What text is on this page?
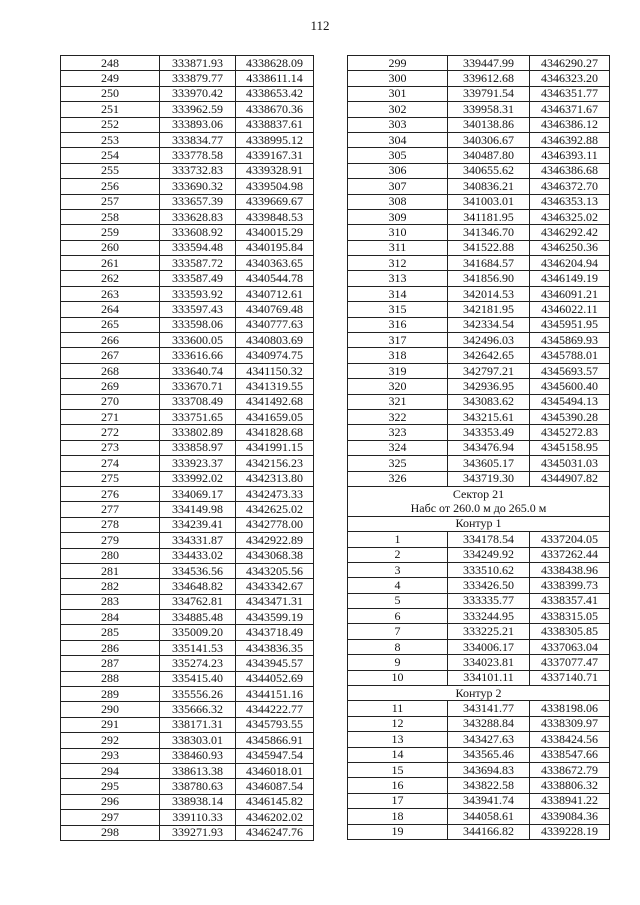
112
248	333871.93	4338628.09
249	333879.77	4338611.14
250	333970.42	4338653.42
251	333962.59	4338670.36
252	333893.06	4338837.61
253	333834.77	4338995.12
254	333778.58	4339167.31
255	333732.83	4339328.91
256	333690.32	4339504.98
257	333657.39	4339669.67
258	333628.83	4339848.53
259	333608.92	4340015.29
260	333594.48	4340195.84
261	333587.72	4340363.65
262	333587.49	4340544.78
263	333593.92	4340712.61
264	333597.43	4340769.48
265	333598.06	4340777.63
266	333600.05	4340803.69
267	333616.66	4340974.75
268	333640.74	4341150.32
269	333670.71	4341319.55
270	333708.49	4341492.68
271	333751.65	4341659.05
272	333802.89	4341828.68
273	333858.97	4341991.15
274	333923.37	4342156.23
275	333992.02	4342313.80
276	334069.17	4342473.33
277	334149.98	4342625.02
278	334239.41	4342778.00
279	334331.87	4342922.89
280	334433.02	4343068.38
281	334536.56	4343205.56
282	334648.82	4343342.67
283	334762.81	4343471.31
284	334885.48	4343599.19
285	335009.20	4343718.49
286	335141.53	4343836.35
287	335274.23	4343945.57
288	335415.40	4344052.69
289	335556.26	4344151.16
290	335666.32	4344222.77
291	338171.31	4345793.55
292	338303.01	4345866.91
293	338460.93	4345947.54
294	338613.38	4346018.01
295	338780.63	4346087.54
296	338938.14	4346145.82
297	339110.33	4346202.02
298	339271.93	4346247.76
299	339447.99	4346290.27
300	339612.68	4346323.20
301	339791.54	4346351.77
302	339958.31	4346371.67
303	340138.86	4346386.12
304	340306.67	4346392.88
305	340487.80	4346393.11
306	340655.62	4346386.68
307	340836.21	4346372.70
308	341003.01	4346353.13
309	341181.95	4346325.02
310	341346.70	4346292.42
311	341522.88	4346250.36
312	341684.57	4346204.94
313	341856.90	4346149.19
314	342014.53	4346091.21
315	342181.95	4346022.11
316	342334.54	4345951.95
317	342496.03	4345869.93
318	342642.65	4345788.01
319	342797.21	4345693.57
320	342936.95	4345600.40
321	343083.62	4345494.13
322	343215.61	4345390.28
323	343353.49	4345272.83
324	343476.94	4345158.95
325	343605.17	4345031.03
326	343719.30	4344907.82
Сектор 21		
Набс от 260.0 м до 265.0 м		
Контур 1		
1	334178.54	4337204.05
2	334249.92	4337262.44
3	333510.62	4338438.96
4	333426.50	4338399.73
5	333335.77	4338357.41
6	333244.95	4338315.05
7	333225.21	4338305.85
8	334006.17	4337063.04
9	334023.81	4337077.47
10	334101.11	4337140.71
Контур 2		
11	343141.77	4338198.06
12	343288.84	4338309.97
13	343427.63	4338424.56
14	343565.46	4338547.66
15	343694.83	4338672.79
16	343822.58	4338806.32
17	343941.74	4338941.22
18	344058.61	4339084.36
19	344166.82	4339228.19
